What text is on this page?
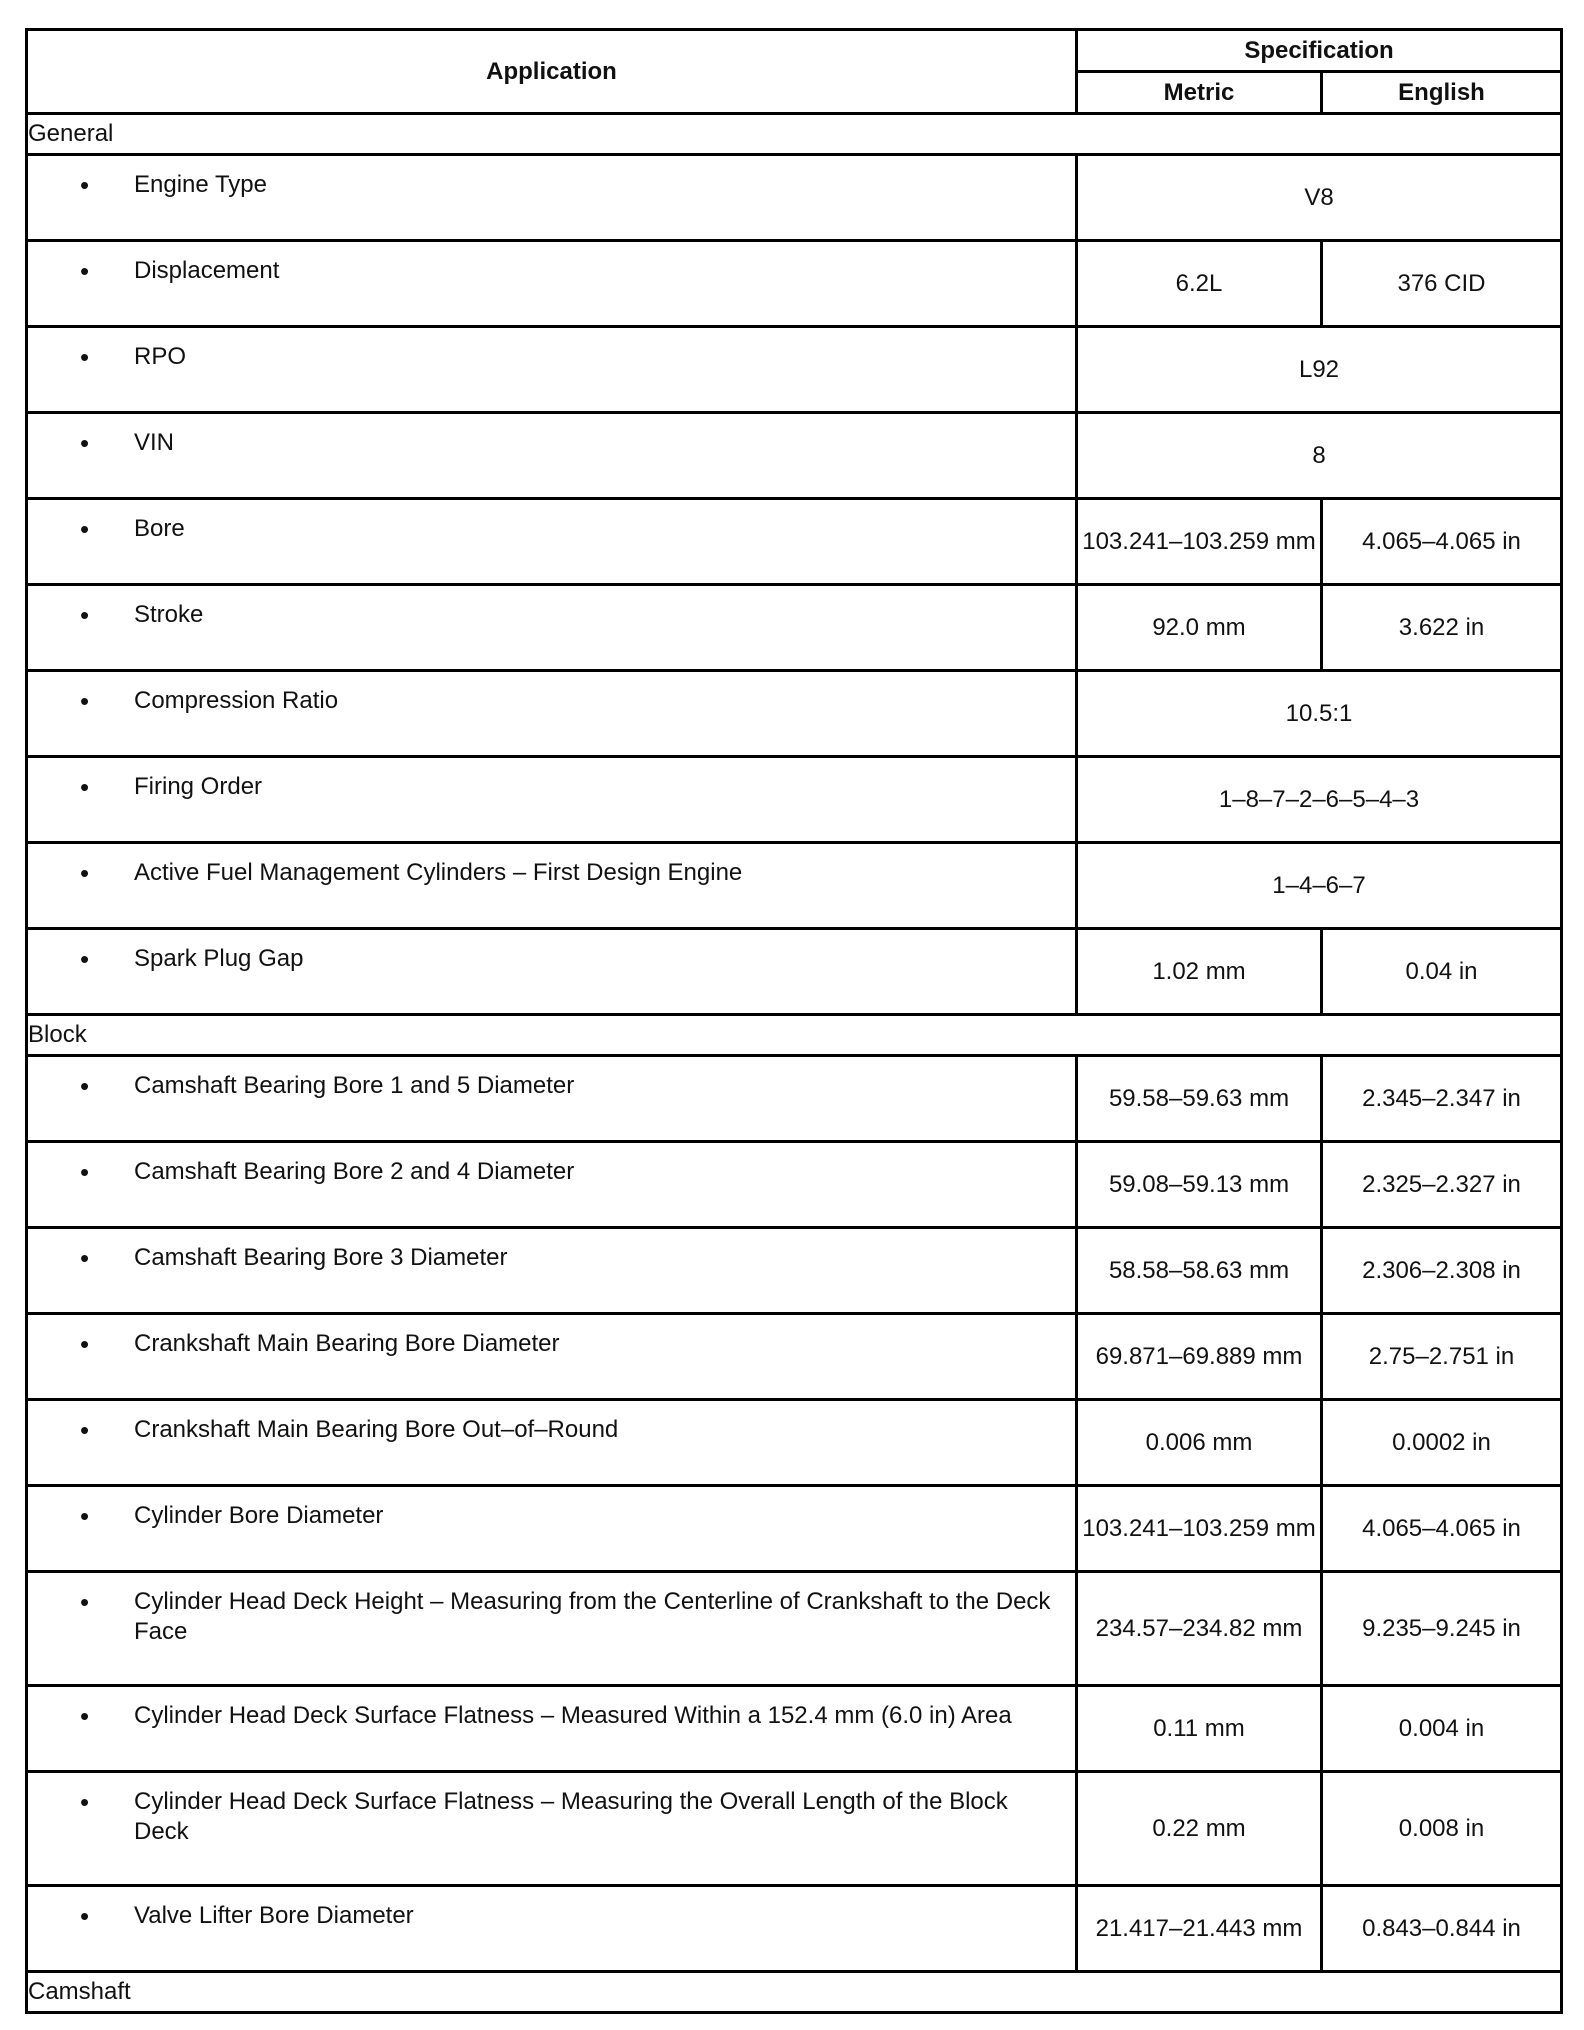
Application	Specification	
	Metric	English
General		

• Engine Type	V8	

• Displacement	6.2L	376 CID

• RPO	L92	

• VIN	8	

• Bore	103.241–103.259 mm	4.065–4.065 in

• Stroke	92.0 mm	3.622 in

• Compression Ratio	10.5:1	

• Firing Order	1–8–7–2–6–5–4–3	

• Active Fuel Management Cylinders – First Design Engine	1–4–6–7	

• Spark Plug Gap	1.02 mm	0.04 in
Block		

• Camshaft Bearing Bore 1 and 5 Diameter	59.58–59.63 mm	2.345–2.347 in

• Camshaft Bearing Bore 2 and 4 Diameter	59.08–59.13 mm	2.325–2.327 in

• Camshaft Bearing Bore 3 Diameter	58.58–58.63 mm	2.306–2.308 in

• Crankshaft Main Bearing Bore Diameter	69.871–69.889 mm	2.75–2.751 in

• Crankshaft Main Bearing Bore Out–of–Round	0.006 mm	0.0002 in

• Cylinder Bore Diameter	103.241–103.259 mm	4.065–4.065 in

• Cylinder Head Deck Height – Measuring from the Centerline of Crankshaft to the Deck Face	234.57–234.82 mm	9.235–9.245 in

• Cylinder Head Deck Surface Flatness – Measured Within a 152.4 mm (6.0 in) Area	0.11 mm	0.004 in

• Cylinder Head Deck Surface Flatness – Measuring the Overall Length of the Block Deck	0.22 mm	0.008 in

• Valve Lifter Bore Diameter	21.417–21.443 mm	0.843–0.844 in
Camshaft		
